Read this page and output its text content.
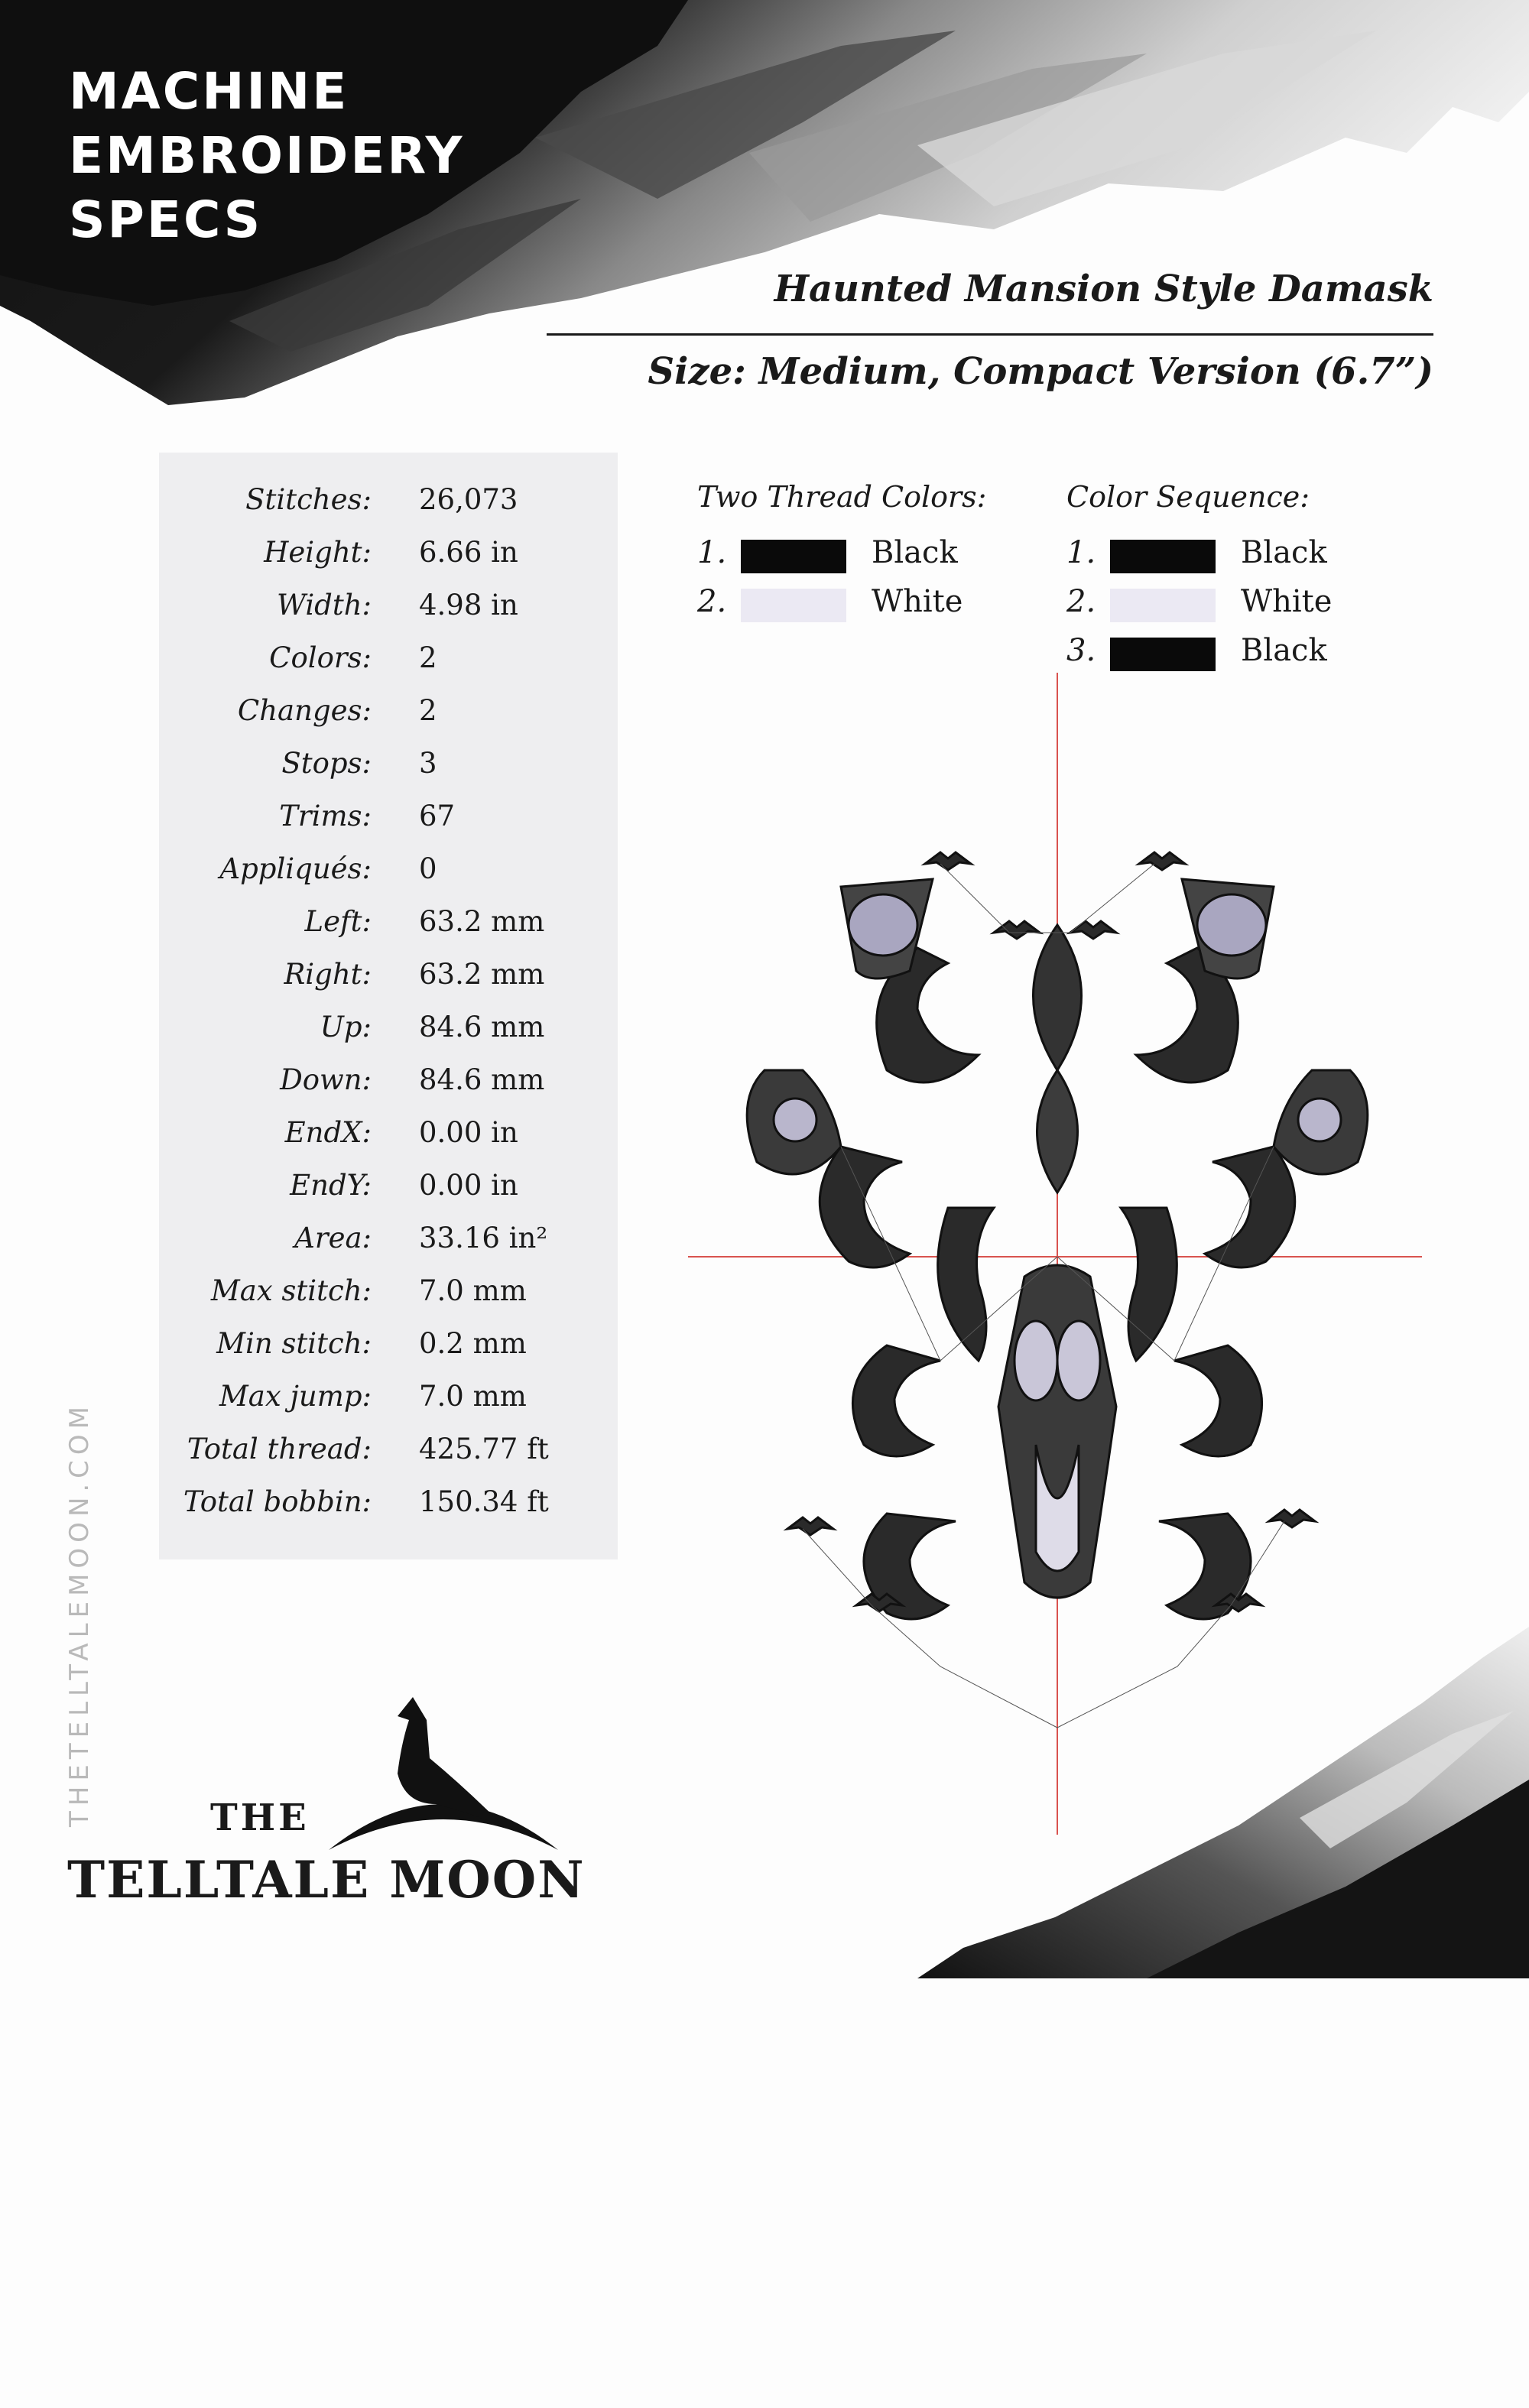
MACHINE
EMBROIDERY
SPECS
Haunted Mansion Style Damask
Size: Medium, Compact Version (6.7”)
Stitches: 26,073
Height: 6.66 in
Width: 4.98 in
Colors: 2
Changes: 2
Stops: 3
Trims: 67
Appliqués: 0
Left: 63.2 mm
Right: 63.2 mm
Up: 84.6 mm
Down: 84.6 mm
EndX: 0.00 in
EndY: 0.00 in
Area: 33.16 in²
Max stitch: 7.0 mm
Min stitch: 0.2 mm
Max jump: 7.0 mm
Total thread: 425.77 ft
Total bobbin: 150.34 ft
Two Thread Colors:
1.	Black
2.	White
Color Sequence:
1.	Black
2.	White
3.	Black
THETELLTALEMOON.COM	THE
TELLTALE MOON
